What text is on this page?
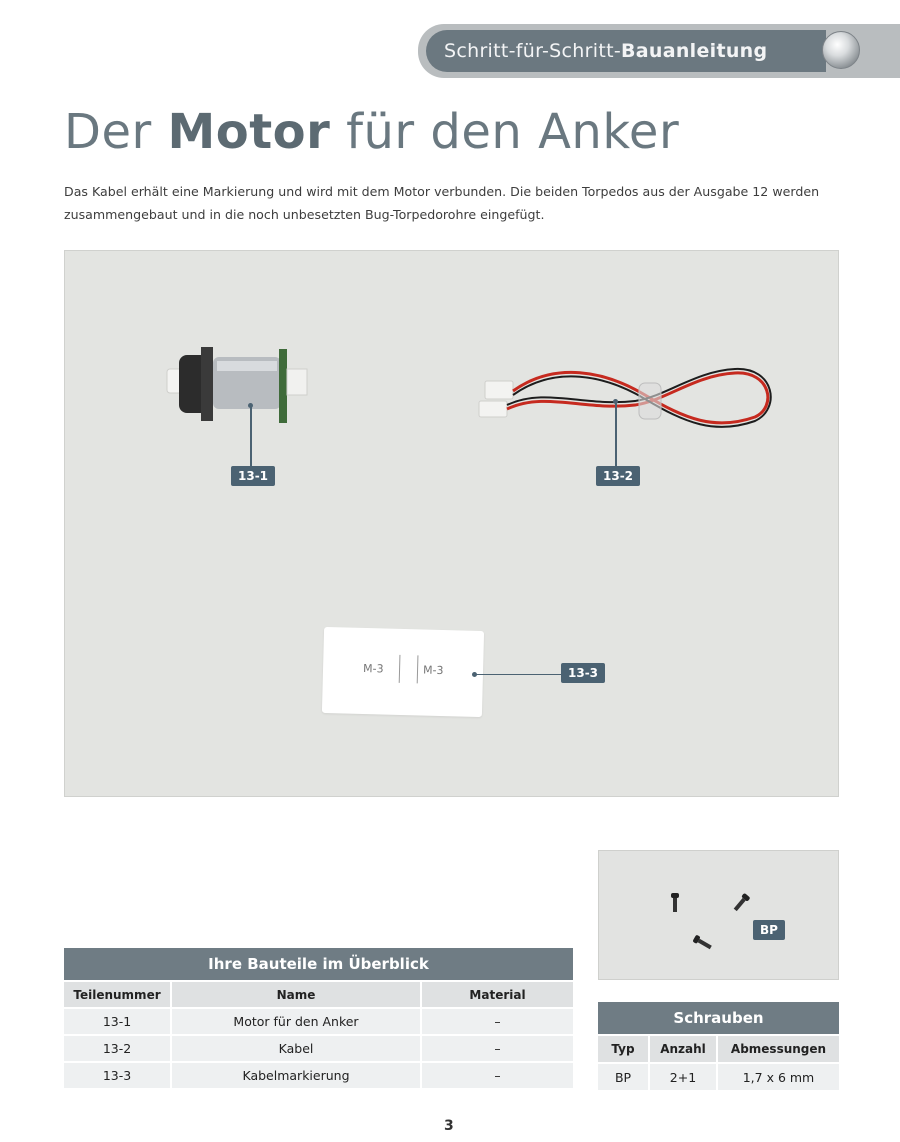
Schritt-für-Schritt-Bauanleitung
Der Motor für den Anker

Das Kabel erhält eine Markierung und wird mit dem Motor verbunden. Die beiden Torpedos aus der Ausgabe 12 werden zusammengebaut und in die noch unbesetzten Bug-Torpedorohre eingefügt.

13-1	13-2
M-3	M-3	13-3
BP
Ihre Bauteile im Überblick		
Teilenummer	Name	Material
13-1	Motor für den Anker	–
13-2	Kabel	–
13-3	Kabelmarkierung	–
Schrauben		
Typ	Anzahl	Abmessungen
BP	2+1	1,7 x 6 mm
3
